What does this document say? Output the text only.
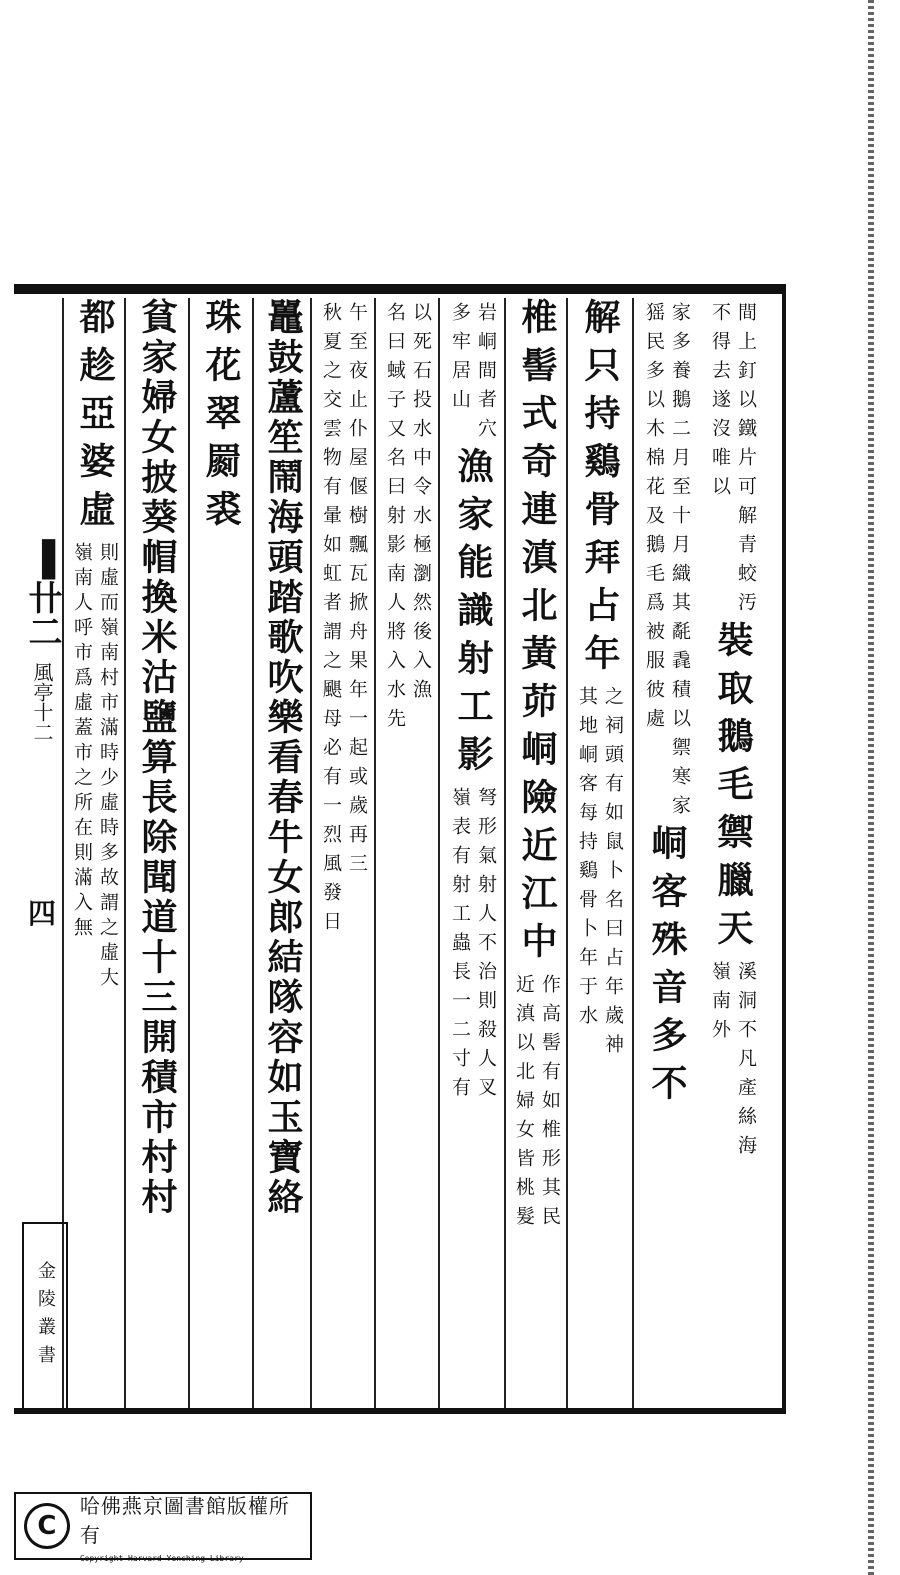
間上釘以鐵片可解青蛟汚
不得去遂沒唯以
裝取鵝毛禦臘天
溪洞不凡產絲海
嶺南外
家多養鵝二月至十月織其氄毳積以禦寒家
猺民多以木棉花及鵝毛爲被服彼處
峒客殊音多不
解只持鷄骨拜占年
之祠頭有如鼠卜名曰占年歲神
其地峒客每持鷄骨卜年于水
椎髻式奇連滇北黃茆峒險近江中
作高髻有如椎形其民
近滇以北婦女皆桃髮
岩峒間者穴
多牢居山
漁家能識射工影
弩形氣射人不治則殺人叉
嶺表有射工蟲長一二寸有
以死石投水中令水極瀏然後入漁
名曰蜮子又名曰射影南人將入水先
午至夜止仆屋偃樹飄瓦掀舟果年一起或歲再三
秋夏之交雲物有暈如虹者謂之颶母必有一烈風發日
鼉鼓蘆笙鬧海頭踏歌吹樂看春牛女郎結隊容如玉寶絡
珠花翠罽裘
貧家婦女披葵帽換米沽鹽算長除聞道十三開積市村村
都趁亞婆虛
則虛而嶺南村市滿時少虛時多故謂之虛大
嶺南人呼市爲虛蓋市之所在則滿入無
▐
卄二
風亭十二
四
金陵叢書
C
哈佛燕京圖書館版權所有
Copyright Harvard-Yenching Library
